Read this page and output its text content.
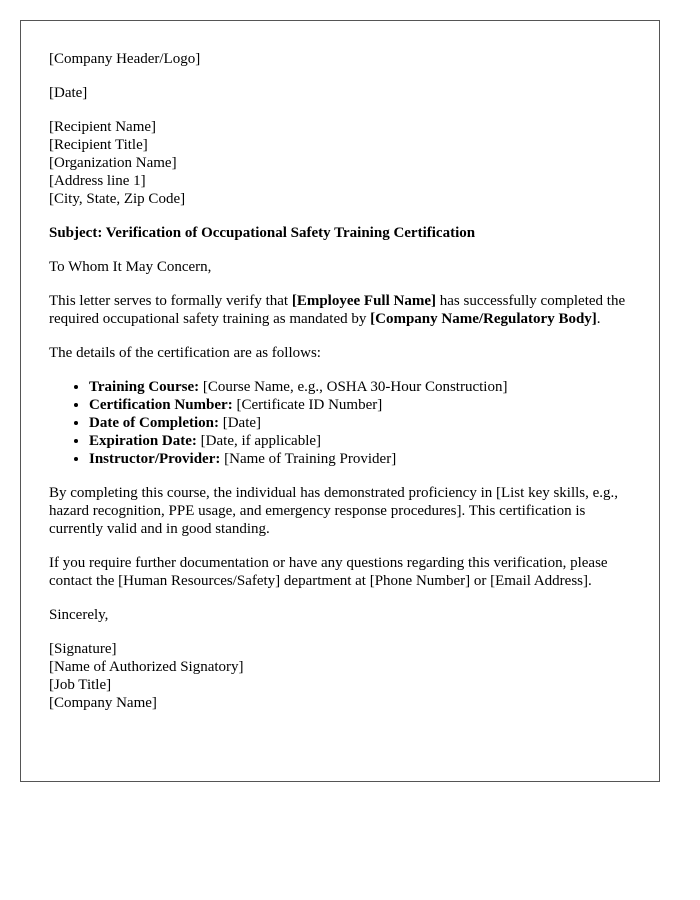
[Company Header/Logo]
[Date]
[Recipient Name]
[Recipient Title]
[Organization Name]
[Address line 1]
[City, State, Zip Code]
Subject: Verification of Occupational Safety Training Certification
To Whom It May Concern,
This letter serves to formally verify that [Employee Full Name] has successfully completed the required occupational safety training as mandated by [Company Name/Regulatory Body].
The details of the certification are as follows:
• Training Course: [Course Name, e.g., OSHA 30-Hour Construction]
• Certification Number: [Certificate ID Number]
• Date of Completion: [Date]
• Expiration Date: [Date, if applicable]
• Instructor/Provider: [Name of Training Provider]
By completing this course, the individual has demonstrated proficiency in [List key skills, e.g., hazard recognition, PPE usage, and emergency response procedures]. This certification is currently valid and in good standing.
If you require further documentation or have any questions regarding this verification, please contact the [Human Resources/Safety] department at [Phone Number] or [Email Address].
Sincerely,
[Signature]
[Name of Authorized Signatory]
[Job Title]
[Company Name]
